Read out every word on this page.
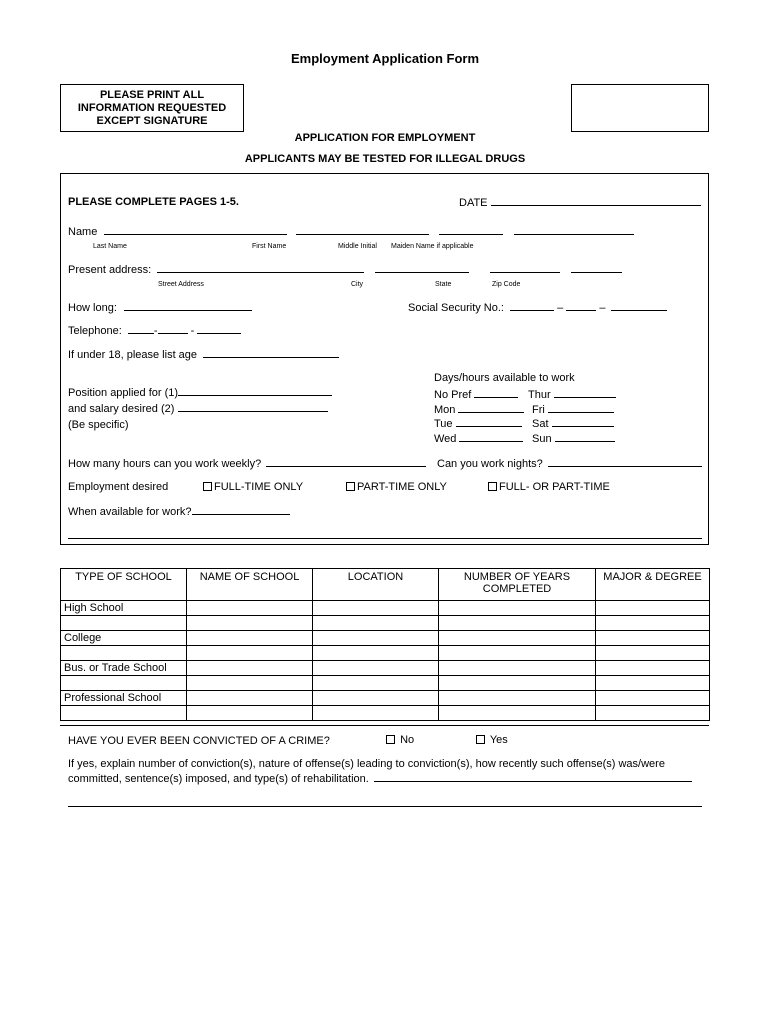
Employment Application Form
PLEASE PRINT ALL
INFORMATION REQUESTED
EXCEPT SIGNATURE
APPLICATION FOR EMPLOYMENT
APPLICANTS MAY BE TESTED FOR ILLEGAL DRUGS
PLEASE COMPLETE PAGES 1-5.	DATE
Name
Last Name	First Name	Middle Initial Maiden Name if applicable
Present address:
Street Address	City	State	Zip Code
How long:	Social Security No.:	–	–
Telephone:	-	-
If under 18, please list age
Days/hours available to work
No Pref	Thur
Mon	Fri
Tue	Sat
Wed	Sun
Position applied for (1)
and salary desired (2)
(Be specific)
How many hours can you work weekly?	Can you work nights?
Employment desired	FULL-TIME ONLY	PART-TIME ONLY	FULL- OR PART-TIME
When available for work?
TYPE OF SCHOOL	NAME OF SCHOOL	LOCATION	NUMBER OF YEARS COMPLETED	MAJOR & DEGREE
High School				

College				

Bus. or Trade School				

Professional School				

HAVE YOU EVER BEEN CONVICTED OF A CRIME?	No	Yes
If yes, explain number of conviction(s), nature of offense(s) leading to conviction(s), how recently such offense(s) was/were
committed, sentence(s) imposed, and type(s) of rehabilitation.
